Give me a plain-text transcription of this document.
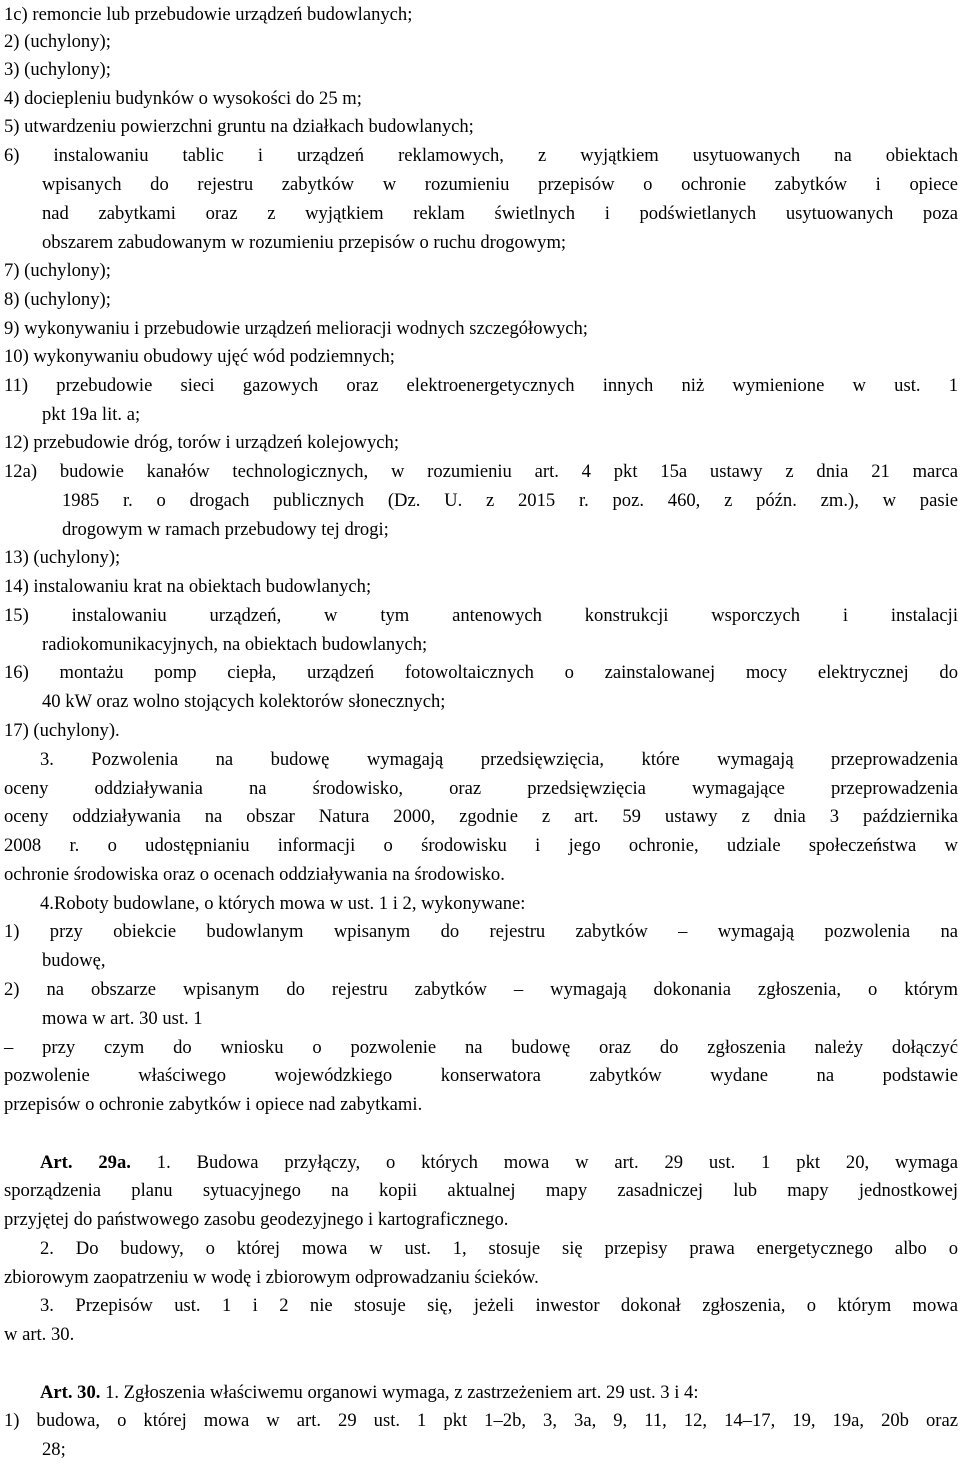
1c) remoncie lub przebudowie urządzeń budowlanych;
2) (uchylony);
3) (uchylony);
4) dociepleniu budynków o wysokości do 25 m;
5) utwardzeniu powierzchni gruntu na działkach budowlanych;
6) instalowaniu tablic i urządzeń reklamowych, z wyjątkiem usytuowanych na obiektach
wpisanych do rejestru zabytków w rozumieniu przepisów o ochronie zabytków i opiece
nad zabytkami oraz z wyjątkiem reklam świetlnych i podświetlanych usytuowanych poza
obszarem zabudowanym w rozumieniu przepisów o ruchu drogowym;
7) (uchylony);
8) (uchylony);
9) wykonywaniu i przebudowie urządzeń melioracji wodnych szczegółowych;
10) wykonywaniu obudowy ujęć wód podziemnych;
11) przebudowie sieci gazowych oraz elektroenergetycznych innych niż wymienione w ust. 1
pkt 19a lit. a;
12) przebudowie dróg, torów i urządzeń kolejowych;
12a) budowie kanałów technologicznych, w rozumieniu art. 4 pkt 15a ustawy z dnia 21 marca
1985 r. o drogach publicznych (Dz. U. z 2015 r. poz. 460, z późn. zm.), w pasie
drogowym w ramach przebudowy tej drogi;
13) (uchylony);
14) instalowaniu krat na obiektach budowlanych;
15) instalowaniu urządzeń, w tym antenowych konstrukcji wsporczych i instalacji
radiokomunikacyjnych, na obiektach budowlanych;
16) montażu pomp ciepła, urządzeń fotowoltaicznych o zainstalowanej mocy elektrycznej do
40 kW oraz wolno stojących kolektorów słonecznych;
17) (uchylony).
3. Pozwolenia na budowę wymagają przedsięwzięcia, które wymagają przeprowadzenia
oceny oddziaływania na środowisko, oraz przedsięwzięcia wymagające przeprowadzenia
oceny oddziaływania na obszar Natura 2000, zgodnie z art. 59 ustawy z dnia 3 października
2008 r. o udostępnianiu informacji o środowisku i jego ochronie, udziale społeczeństwa w
ochronie środowiska oraz o ocenach oddziaływania na środowisko.
4.Roboty budowlane, o których mowa w ust. 1 i 2, wykonywane:
1) przy obiekcie budowlanym wpisanym do rejestru zabytków – wymagają pozwolenia na
budowę,
2) na obszarze wpisanym do rejestru zabytków – wymagają dokonania zgłoszenia, o którym
mowa w art. 30 ust. 1
– przy czym do wniosku o pozwolenie na budowę oraz do zgłoszenia należy dołączyć
pozwolenie właściwego wojewódzkiego konserwatora zabytków wydane na podstawie
przepisów o ochronie zabytków i opiece nad zabytkami.
Art. 29a. 1. Budowa przyłączy, o których mowa w art. 29 ust. 1 pkt 20, wymaga
sporządzenia planu sytuacyjnego na kopii aktualnej mapy zasadniczej lub mapy jednostkowej
przyjętej do państwowego zasobu geodezyjnego i kartograficznego.
2. Do budowy, o której mowa w ust. 1, stosuje się przepisy prawa energetycznego albo o
zbiorowym zaopatrzeniu w wodę i zbiorowym odprowadzaniu ścieków.
3. Przepisów ust. 1 i 2 nie stosuje się, jeżeli inwestor dokonał zgłoszenia, o którym mowa
w art. 30.
Art. 30. 1. Zgłoszenia właściwemu organowi wymaga, z zastrzeżeniem art. 29 ust. 3 i 4:
1) budowa, o której mowa w art. 29 ust. 1 pkt 1–2b, 3, 3a, 9, 11, 12, 14–17, 19, 19a, 20b oraz
28;
